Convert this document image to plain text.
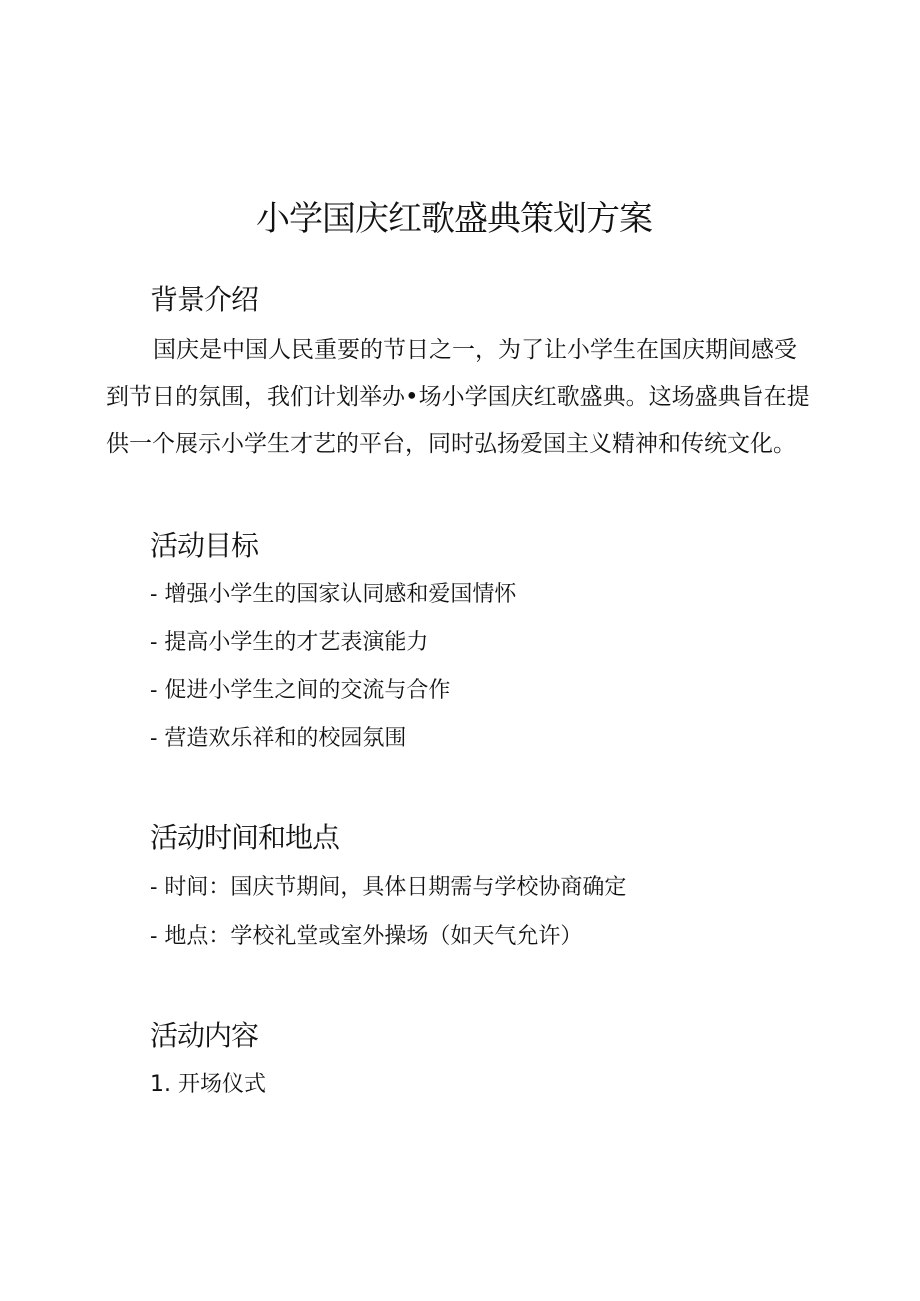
小学国庆红歌盛典策划方案
背景介绍
国庆是中国人民重要的节日之一，为了让小学生在国庆期间感受
到节日的氛围，我们计划举办•场小学国庆红歌盛典。这场盛典旨在提
供一个展示小学生才艺的平台，同时弘扬爱国主义精神和传统文化。
活动目标
- 增强小学生的国家认同感和爱国情怀
- 提高小学生的才艺表演能力
- 促进小学生之间的交流与合作
- 营造欢乐祥和的校园氛围
活动时间和地点
- 时间：国庆节期间，具体日期需与学校协商确定
- 地点：学校礼堂或室外操场（如天气允许）
活动内容
1. 开场仪式
